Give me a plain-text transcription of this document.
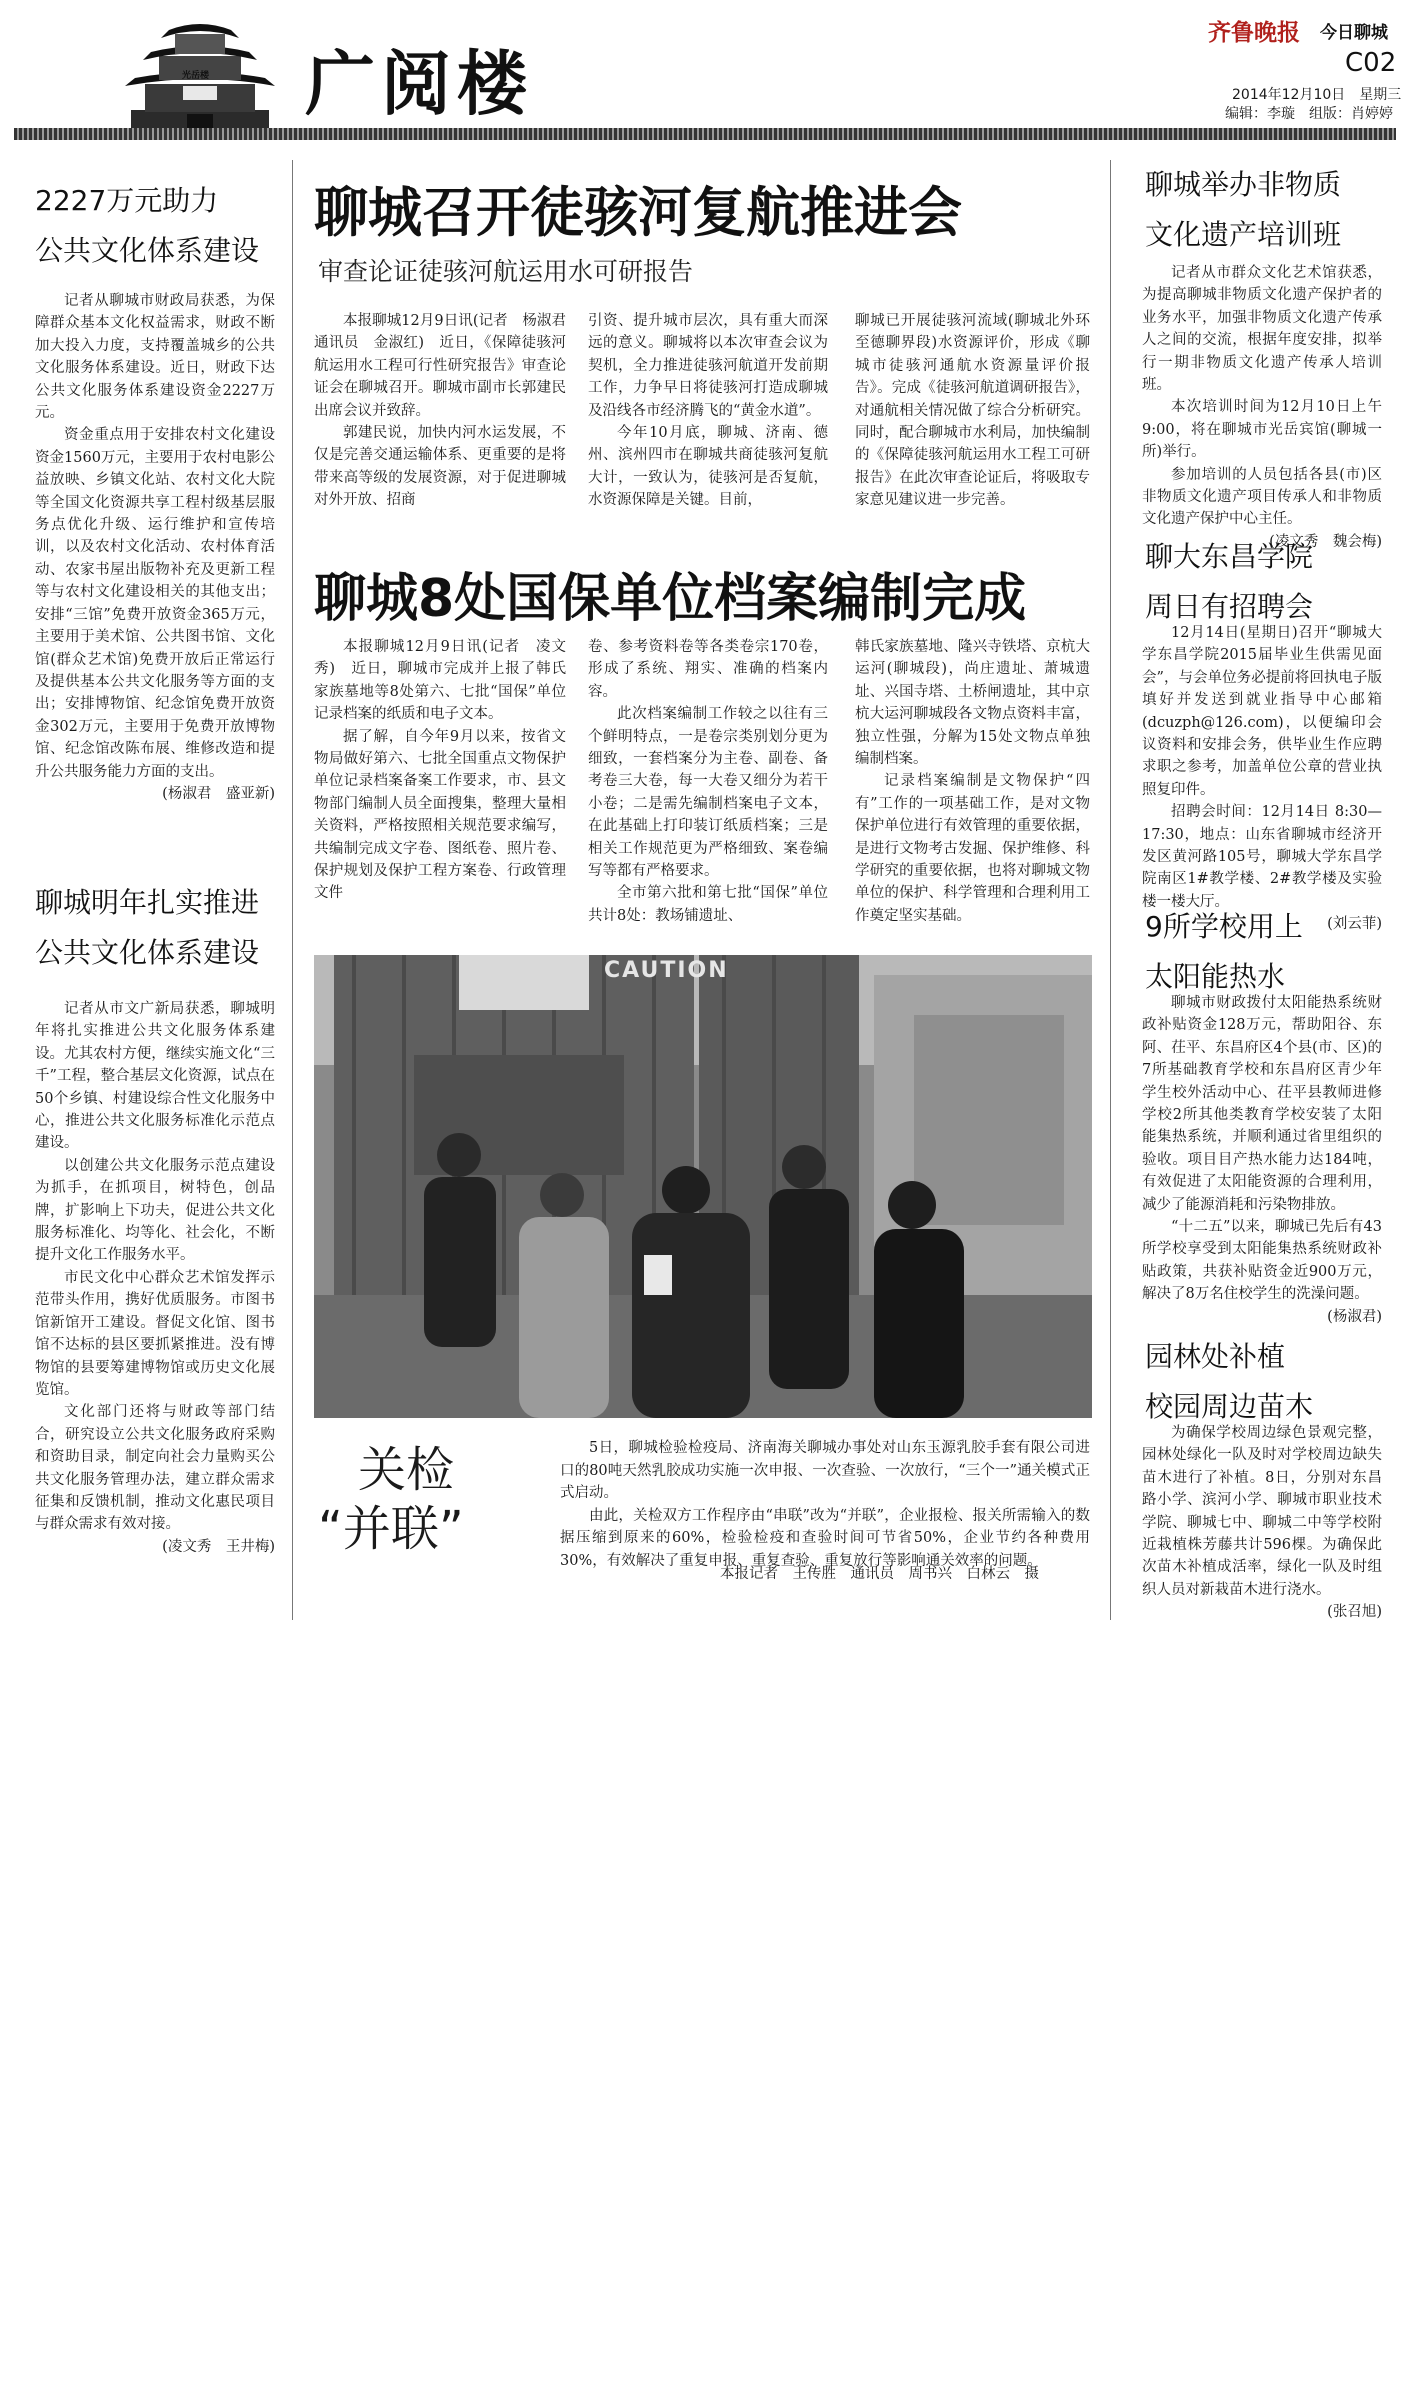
光岳楼 广阅楼
齐鲁晚报 今日聊城
C02
2014年12月10日　星期三
编辑：李璇　组版：肖婷婷
2227万元助力
公共文化体系建设

记者从聊城市财政局获悉，为保障群众基本文化权益需求，财政不断加大投入力度，支持覆盖城乡的公共文化服务体系建设。近日，财政下达公共文化服务体系建设资金2227万元。

资金重点用于安排农村文化建设资金1560万元，主要用于农村电影公益放映、乡镇文化站、农村文化大院等全国文化资源共享工程村级基层服务点优化升级、运行维护和宣传培训，以及农村文化活动、农村体育活动、农家书屋出版物补充及更新工程等与农村文化建设相关的其他支出；安排“三馆”免费开放资金365万元，主要用于美术馆、公共图书馆、文化馆(群众艺术馆)免费开放后正常运行及提供基本公共文化服务等方面的支出；安排博物馆、纪念馆免费开放资金302万元，主要用于免费开放博物馆、纪念馆改陈布展、维修改造和提升公共服务能力方面的支出。

(杨淑君　盛亚新)
聊城明年扎实推进
公共文化体系建设

记者从市文广新局获悉，聊城明年将扎实推进公共文化服务体系建设。尤其农村方便，继续实施文化“三千”工程，整合基层文化资源，试点在50个乡镇、村建设综合性文化服务中心，推进公共文化服务标准化示范点建设。

以创建公共文化服务示范点建设为抓手，在抓项目，树特色，创品牌，扩影响上下功夫，促进公共文化服务标准化、均等化、社会化，不断提升文化工作服务水平。

市民文化中心群众艺术馆发挥示范带头作用，携好优质服务。市图书馆新馆开工建设。督促文化馆、图书馆不达标的县区要抓紧推进。没有博物馆的县要筹建博物馆或历史文化展览馆。

文化部门还将与财政等部门结合，研究设立公共文化服务政府采购和资助目录，制定向社会力量购买公共文化服务管理办法，建立群众需求征集和反馈机制，推动文化惠民项目与群众需求有效对接。

(凌文秀　王井梅)
聊城召开徒骇河复航推进会
审查论证徒骇河航运用水可研报告

本报聊城12月9日讯(记者　杨淑君　通讯员　金淑红)　近日，《保障徒骇河航运用水工程可行性研究报告》审查论证会在聊城召开。聊城市副市长郭建民出席会议并致辞。

郭建民说，加快内河水运发展，不仅是完善交通运输体系、更重要的是将带来高等级的发展资源，对于促进聊城对外开放、招商

引资、提升城市层次，具有重大而深远的意义。聊城将以本次审查会议为契机，全力推进徒骇河航道开发前期工作，力争早日将徒骇河打造成聊城及沿线各市经济腾飞的“黄金水道”。

今年10月底，聊城、济南、德州、滨州四市在聊城共商徒骇河复航大计，一致认为，徒骇河是否复航，水资源保障是关键。目前，

聊城已开展徒骇河流域(聊城北外环至德聊界段)水资源评价，形成《聊城市徒骇河通航水资源量评价报告》。完成《徒骇河航道调研报告》，对通航相关情况做了综合分析研究。同时，配合聊城市水利局，加快编制的《保障徒骇河航运用水工程工可研报告》在此次审查论证后，将吸取专家意见建议进一步完善。

聊城8处国保单位档案编制完成

本报聊城12月9日讯(记者　凌文秀)　近日，聊城市完成并上报了韩氏家族墓地等8处第六、七批“国保”单位记录档案的纸质和电子文本。

据了解，自今年9月以来，按省文物局做好第六、七批全国重点文物保护单位记录档案备案工作要求，市、县文物部门编制人员全面搜集，整理大量相关资料，严格按照相关规范要求编写，共编制完成文字卷、图纸卷、照片卷、保护规划及保护工程方案卷、行政管理文件

卷、参考资料卷等各类卷宗170卷，形成了系统、翔实、准确的档案内容。

此次档案编制工作较之以往有三个鲜明特点，一是卷宗类别划分更为细致，一套档案分为主卷、副卷、备考卷三大卷，每一大卷又细分为若干小卷；二是需先编制档案电子文本，在此基础上打印装订纸质档案；三是相关工作规范更为严格细致、案卷编写等都有严格要求。

全市第六批和第七批“国保”单位共计8处：教场铺遗址、

韩氏家族墓地、隆兴寺铁塔、京杭大运河(聊城段)，尚庄遗址、萧城遗址、兴国寺塔、土桥闸遗址，其中京杭大运河聊城段各文物点资料丰富，独立性强，分解为15处文物点单独编制档案。

记录档案编制是文物保护“四有”工作的一项基础工作，是对文物保护单位进行有效管理的重要依据，是进行文物考古发掘、保护维修、科学研究的重要依据，也将对聊城文物单位的保护、科学管理和合理利用工作奠定坚实基础。

CAUTION
关检
“并联”

5日，聊城检验检疫局、济南海关聊城办事处对山东玉源乳胶手套有限公司进口的80吨天然乳胶成功实施一次申报、一次查验、一次放行，“三个一”通关模式正式启动。

由此，关检双方工作程序由“串联”改为“并联”，企业报检、报关所需输入的数据压缩到原来的60%，检验检疫和查验时间可节省50%，企业节约各种费用30%，有效解决了重复申报、重复查验、重复放行等影响通关效率的问题。

本报记者　王传胜　通讯员　周书兴　白林云　摄
聊城举办非物质
文化遗产培训班

记者从市群众文化艺术馆获悉，为提高聊城非物质文化遗产保护者的业务水平，加强非物质文化遗产传承人之间的交流，根据年度安排，拟举行一期非物质文化遗产传承人培训班。

本次培训时间为12月10日上午9:00，将在聊城市光岳宾馆(聊城一所)举行。

参加培训的人员包括各县(市)区非物质文化遗产项目传承人和非物质文化遗产保护中心主任。

(凌文秀　魏会梅)
聊大东昌学院
周日有招聘会

12月14日(星期日)召开“聊城大学东昌学院2015届毕业生供需见面会”，与会单位务必提前将回执电子版填好并发送到就业指导中心邮箱(dcuzph@126.com)，以便编印会议资料和安排会务，供毕业生作应聘求职之参考，加盖单位公章的营业执照复印件。

招聘会时间：12月14日 8:30—17:30，地点：山东省聊城市经济开发区黄河路105号，聊城大学东昌学院南区1#教学楼、2#教学楼及实验楼一楼大厅。

(刘云菲)
9所学校用上
太阳能热水

聊城市财政拨付太阳能热系统财政补贴资金128万元，帮助阳谷、东阿、茌平、东昌府区4个县(市、区)的7所基础教育学校和东昌府区青少年学生校外活动中心、茌平县教师进修学校2所其他类教育学校安装了太阳能集热系统，并顺利通过省里组织的验收。项目目产热水能力达184吨，有效促进了太阳能资源的合理利用，减少了能源消耗和污染物排放。

“十二五”以来，聊城已先后有43所学校享受到太阳能集热系统财政补贴政策，共获补贴资金近900万元，解决了8万名住校学生的洗澡问题。

(杨淑君)
园林处补植
校园周边苗木

为确保学校周边绿色景观完整，园林处绿化一队及时对学校周边缺失苗木进行了补植。8日，分别对东昌路小学、滨河小学、聊城市职业技术学院、聊城七中、聊城二中等学校附近栽植株芳藤共计596棵。为确保此次苗木补植成活率，绿化一队及时组织人员对新栽苗木进行浇水。

(张召旭)
